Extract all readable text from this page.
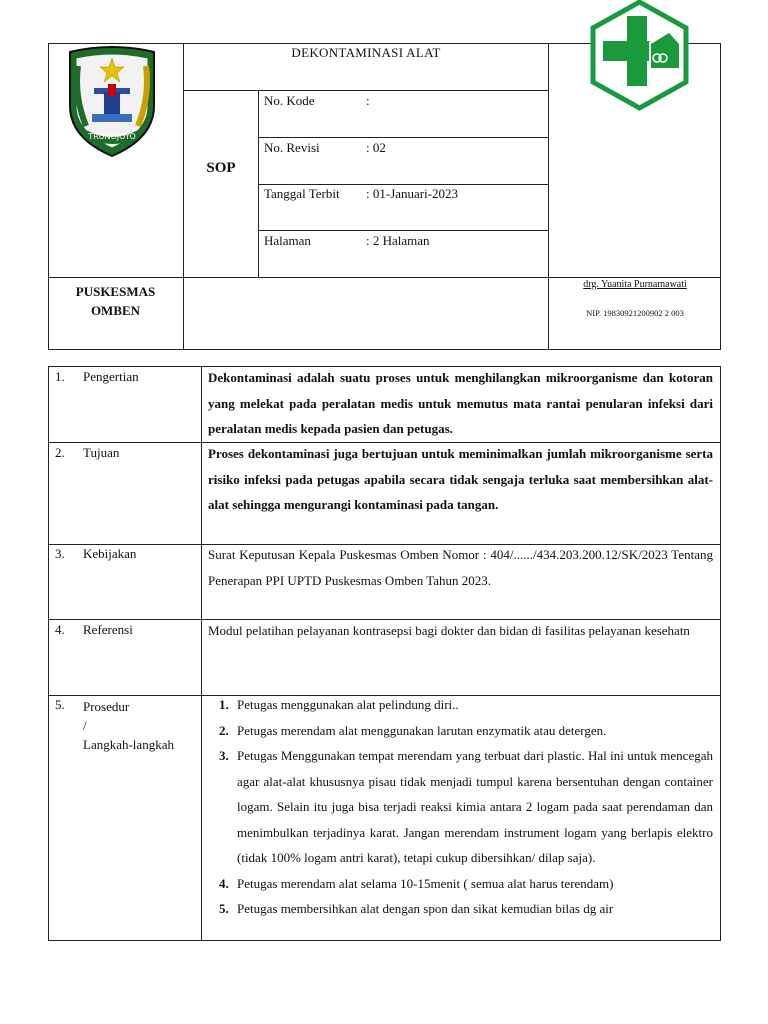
TRUNOJOYO
DEKONTAMINASI ALAT
SOP
No. Kode	:
No. Revisi	: 02
Tanggal Terbit : 01-Januari-2023
Halaman	: 2 Halaman
PUSKESMAS
OMBEN
drg. Yuanita Purnamawati
NIP. 19830921200902 2 003
1. Pengertian	Dekontaminasi adalah suatu proses untuk menghilangkan mikroorganisme dan kotoran yang melekat pada peralatan medis untuk memutus mata rantai penularan infeksi dari peralatan medis kepada pasien dan petugas.
2. Tujuan	Proses dekontaminasi juga bertujuan untuk meminimalkan jumlah mikroorganisme serta risiko infeksi pada petugas apabila secara tidak sengaja terluka saat membersihkan alat-alat sehingga mengurangi kontaminasi pada tangan.
3. Kebijakan	Surat Keputusan Kepala Puskesmas Omben Nomor : 404/....../434.203.200.12/SK/2023 Tentang Penerapan PPI UPTD Puskesmas Omben Tahun 2023.
4. Referensi	Modul pelatihan pelayanan kontrasepsi bagi dokter dan bidan di fasilitas pelayanan kesehatn
5. Prosedur /
Langkah-langkah
1. Petugas menggunakan alat pelindung diri..
2. Petugas merendam alat menggunakan larutan enzymatik atau detergen.
3. Petugas Menggunakan tempat merendam yang terbuat dari plastic. Hal ini untuk mencegah agar alat-alat khususnya pisau tidak menjadi tumpul karena bersentuhan dengan container logam. Selain itu juga bisa terjadi reaksi kimia antara 2 logam pada saat perendaman dan menimbulkan terjadinya karat. Jangan merendam instrument logam yang berlapis elektro (tidak 100% logam antri karat), tetapi cukup dibersihkan/ dilap saja).
4. Petugas merendam alat selama 10-15menit ( semua alat harus terendam)
5. Petugas membersihkan alat dengan spon dan sikat kemudian bilas dg air
